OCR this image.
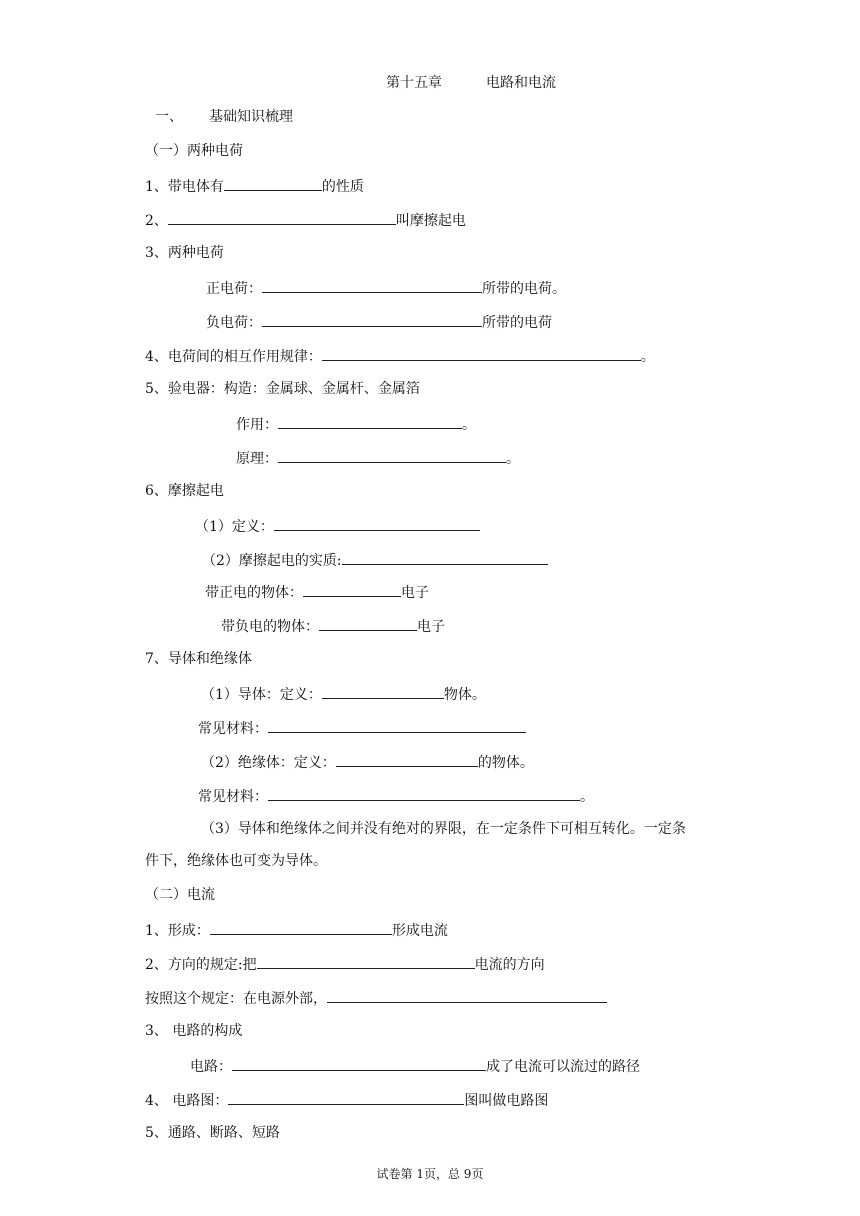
第十五章	电路和电流
一、 基础知识梳理
（一）两种电荷
1、带电体有	的性质
2、	叫摩擦起电
3、两种电荷
正电荷：	所带的电荷。
负电荷：	所带的电荷
4、电荷间的相互作用规律：	。
5、验电器：构造：金属球、金属杆、金属箔
作用：	。
原理：	。
6、摩擦起电
（1）定义：
（2）摩擦起电的实质:
带正电的物体：	电子
带负电的物体：	电子
7、导体和绝缘体
（1）导体：定义：	物体。
常见材料：
（2）绝缘体：定义：	的物体。
常见材料：	。
（3）导体和绝缘体之间并没有绝对的界限，在一定条件下可相互转化。一定条
件下，绝缘体也可变为导体。
（二）电流
1、形成：	形成电流
2、方向的规定:把	电流的方向
按照这个规定：在电源外部，
3、 电路的构成
电路：	成了电流可以流过的路径
4、 电路图：	图叫做电路图
5、通路、断路、短路
试卷第 1页，总 9页
